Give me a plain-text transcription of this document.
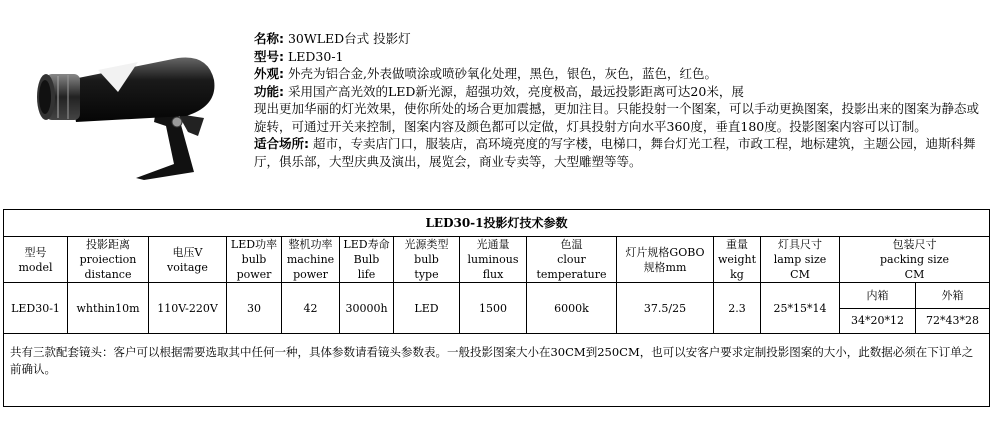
名称: 30WLED台式 投影灯

型号: LED30-1

外观: 外壳为铝合金,外表做喷涂或喷砂氧化处理，黑色，银色，灰色，蓝色，红色。

功能: 采用国产高光效的LED新光源，超强功效，亮度极高，最远投影距离可达20米，展
现出更加华丽的灯光效果，使你所处的场合更加震撼，更加注目。只能投射一个图案，可以手动更换图案，投影出来的图案为静态或旋转，可通过开关来控制，图案内容及颜色都可以定做，灯具投射方向水平360度，垂直180度。投影图案内容可以订制。

适合场所: 超市，专卖店门口，服装店，高环境亮度的写字楼，电梯口，舞台灯光工程，市政工程，地标建筑，主题公园，迪斯科舞厅，俱乐部，大型庆典及演出，展览会，商业专卖等，大型雕塑等等。

LED30-1投影灯技术参数													
型号
model	投影距离
proiection
distance	电压V
voitage	LED功率
bulb
power	整机功率
machine
power	LED寿命
Bulb
life	光源类型
bulb
type	光通量
luminous
flux	色温
clour
temperature	灯片规格GOBO
规格mm	重量
weight
kg	灯具尺寸
lamp size
CM	包装尺寸
packing size
CM	

LED30-1	whthin10m	110V-220V	30	42	30000h	LED	1500	6000k	37.5/25	2.3	25*15*14	内箱	外箱
												34*20*12	72*43*28
共有三款配套镜头：客户可以根据需要选取其中任何一种，具体参数请看镜头参数表。一般投影图案大小在30CM到250CM，也可以安客户要求定制投影图案的大小，此数据必须在下订单之前确认。													
